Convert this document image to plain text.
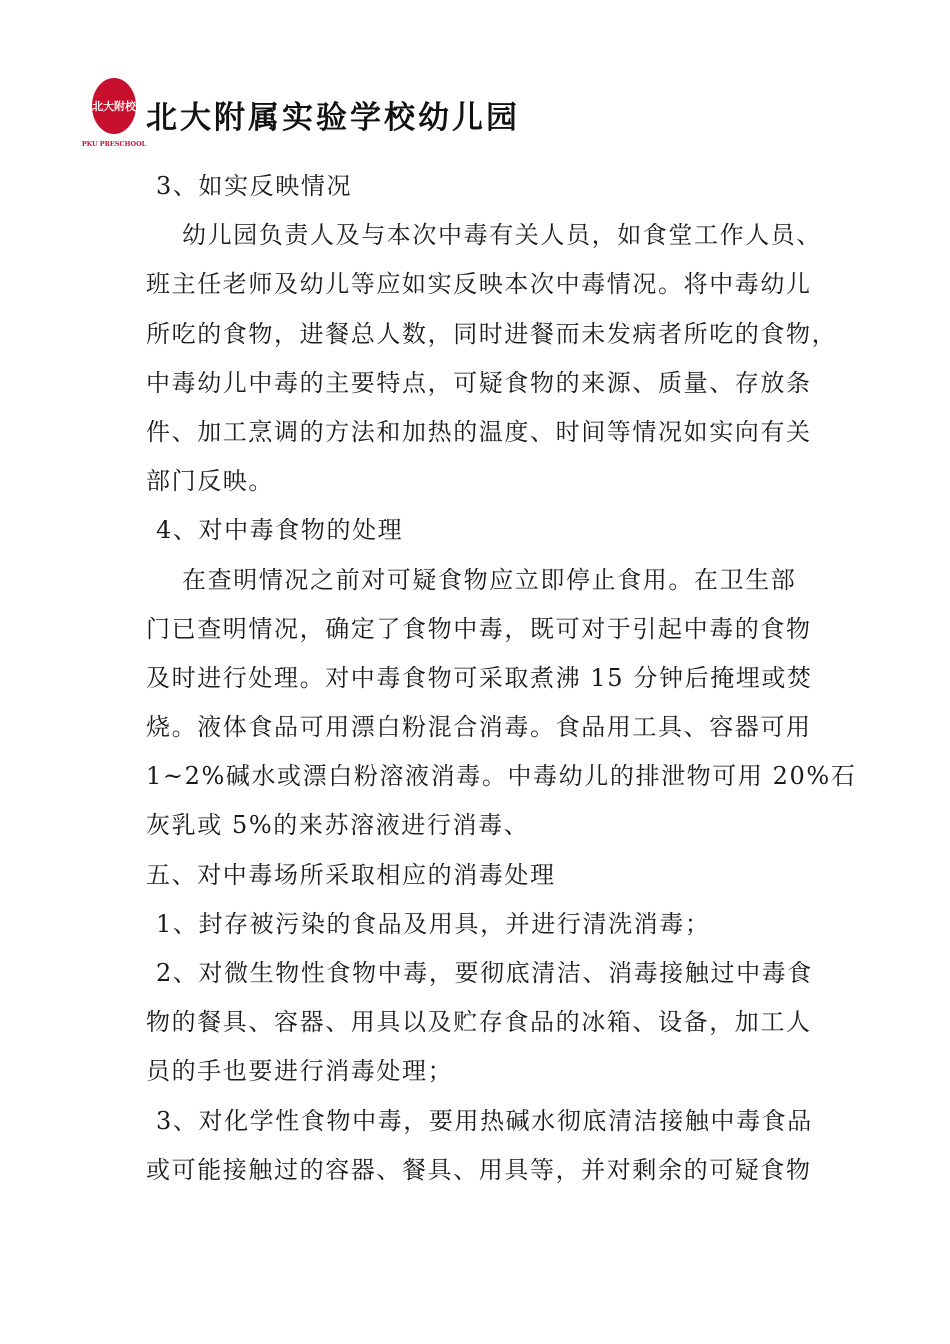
北大附校
PKU PRESCHOOL
北大附属实验学校幼儿园
3、如实反映情况
幼儿园负责人及与本次中毒有关人员，如食堂工作人员、
班主任老师及幼儿等应如实反映本次中毒情况。将中毒幼儿
所吃的食物，进餐总人数，同时进餐而未发病者所吃的食物，
中毒幼儿中毒的主要特点，可疑食物的来源、质量、存放条
件、加工烹调的方法和加热的温度、时间等情况如实向有关
部门反映。
4、对中毒食物的处理
在查明情况之前对可疑食物应立即停止食用。在卫生部
门已查明情况，确定了食物中毒，既可对于引起中毒的食物
及时进行处理。对中毒食物可采取煮沸 15 分钟后掩埋或焚
烧。液体食品可用漂白粉混合消毒。食品用工具、容器可用
1~2%碱水或漂白粉溶液消毒。中毒幼儿的排泄物可用 20%石
灰乳或 5%的来苏溶液进行消毒、
五、对中毒场所采取相应的消毒处理
1、封存被污染的食品及用具，并进行清洗消毒；
2、对微生物性食物中毒，要彻底清洁、消毒接触过中毒食
物的餐具、容器、用具以及贮存食品的冰箱、设备，加工人
员的手也要进行消毒处理；
3、对化学性食物中毒，要用热碱水彻底清洁接触中毒食品
或可能接触过的容器、餐具、用具等，并对剩余的可疑食物
